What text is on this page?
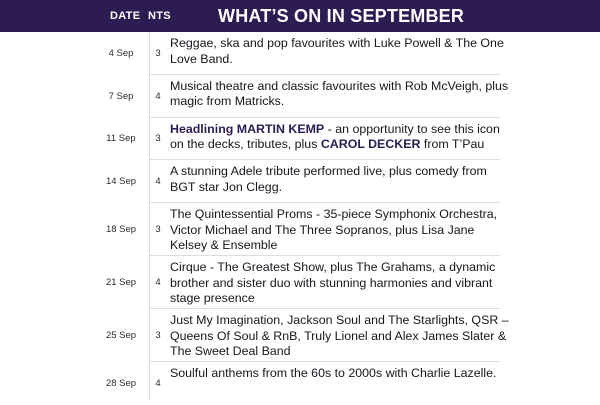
DATE NTS	WHAT’S ON IN SEPTEMBER
4 Sep	3
Reggae, ska and pop favourites with Luke Powell & The One Love Band.
7 Sep	4
Musical theatre and classic favourites with Rob McVeigh, plus magic from Matricks.
11 Sep	3
Headlining MARTIN KEMP - an opportunity to see this icon on the decks, tributes, plus CAROL DECKER from T’Pau
14 Sep	4
A stunning Adele tribute performed live, plus comedy from BGT star Jon Clegg.
18 Sep	3
The Quintessential Proms - 35-piece Symphonix Orchestra, Victor Michael and The Three Sopranos, plus Lisa Jane Kelsey & Ensemble
21 Sep	4
Cirque - The Greatest Show, plus The Grahams, a dynamic brother and sister duo with stunning harmonies and vibrant stage presence
25 Sep	3
Just My Imagination, Jackson Soul and The Starlights, QSR – Queens Of Soul & RnB, Truly Lionel and Alex James Slater & The Sweet Deal Band
28 Sep	4
Soulful anthems from the 60s to 2000s with Charlie Lazelle.
